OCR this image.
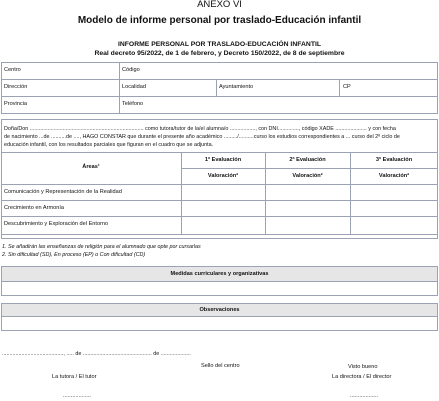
ANEXO VI
Modelo de informe personal por traslado-Educación infantil
INFORME PERSONAL POR TRASLADO-EDUCACIÓN INFANTIL
Real decreto 95/2022, de 1 de febrero, y Decreto 150/2022, de 8 de septiembre
Centro	Código
Dirección	Localidad	Ayuntamiento	CP
Provincia	Teléfono
Doña/Don ............................................................................ como tutora/tutor de la/el alumna/o ................., con DNI.............., código XADE ..................... y con fecha
de nacimiento ...de ..........de ...., HAGO CONSTAR que durante el presente año académico ........./..........curso los estudios correspondientes a ... curso del 2º ciclo de
educación infantil, con los resultados parciales que figuran en el cuadro que se adjunta.
Áreas¹
1ª Evaluación	2ª Evaluación	3ª Evaluación
Valoración²	Valoración²	Valoración²
Comunicación y Representación de la Realidad
Crecimiento en Armonía
Descubrimiento y Exploración del Entorno
1. Se añadirán las enseñanzas de religión para el alumnado que opte por cursarlas
2. Sin dificultad (SD), En proceso (EP) o Con dificultad (CD)
Medidas curriculares y organizativas
Observaciones
........................................., ..... de .............................................. de ....................
Sello del centro	Visto bueno
La tutora / El tutor	La directora / El director
..................	..................
